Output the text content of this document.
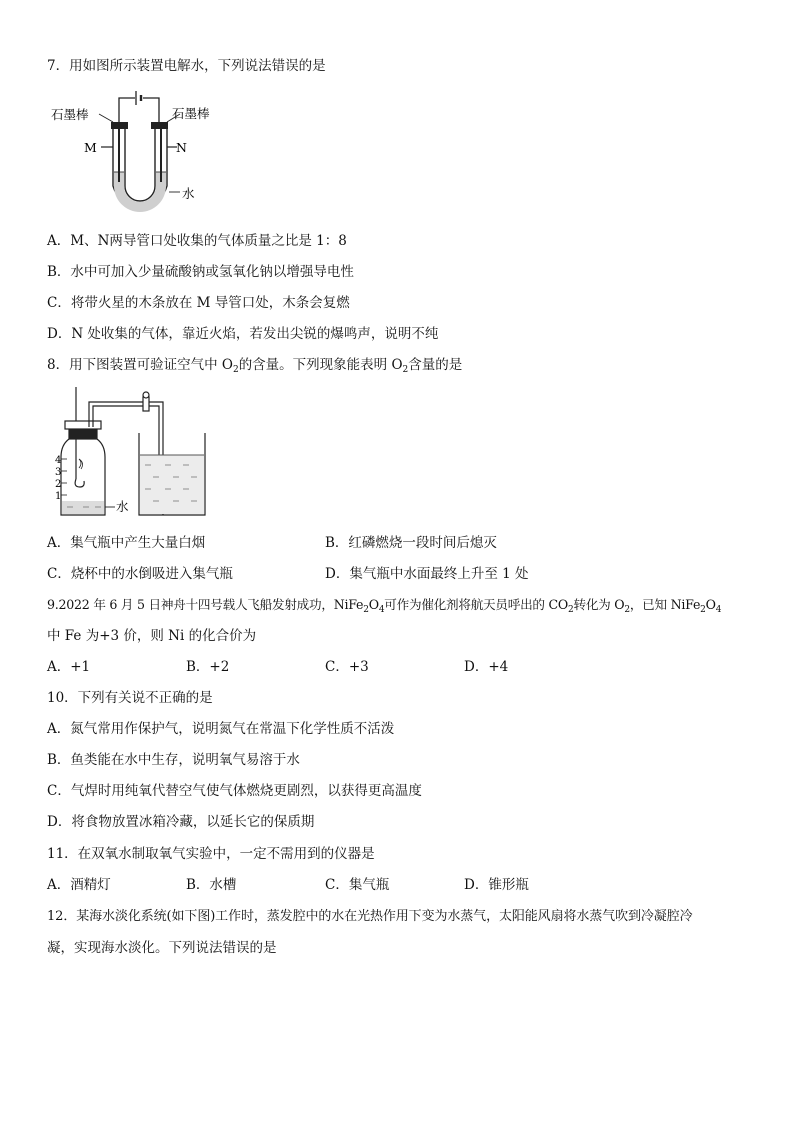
7．用如图所示装置电解水，下列说法错误的是
石墨棒	石墨棒
M	N
水
A．M、N两导管口处收集的气体质量之比是 1：8
B．水中可加入少量硫酸钠或氢氧化钠以增强导电性
C．将带火星的木条放在 M 导管口处，木条会复燃
D．N 处收集的气体，靠近火焰，若发出尖锐的爆鸣声，说明不纯
8．用下图装置可验证空气中 $O_2$的含量。下列现象能表明 $O_2$含量的是
4
3
2
1
水
A．集气瓶中产生大量白烟	B．红磷燃烧一段时间后熄灭
C．烧杯中的水倒吸进入集气瓶	D．集气瓶中水面最终上升至 1 处
9.2022 年 6 月 5 日神舟十四号载人飞船发射成功，$NiFe_2O_4$可作为催化剂将航天员呼出的 $CO_2$转化为 $O_2$，已知 $NiFe_2O_4$
中 Fe 为+3 价，则 Ni 的化合价为
A．+1	B．+2	C．+3	D．+4
10．下列有关说不正确的是
A．氮气常用作保护气，说明氮气在常温下化学性质不活泼
B．鱼类能在水中生存，说明氧气易溶于水
C．气焊时用纯氧代替空气使气体燃烧更剧烈，以获得更高温度
D．将食物放置冰箱冷藏，以延长它的保质期
11．在双氧水制取氧气实验中，一定不需用到的仪器是
A．酒精灯	B．水槽	C．集气瓶	D．锥形瓶
12．某海水淡化系统(如下图)工作时，蒸发腔中的水在光热作用下变为水蒸气，太阳能风扇将水蒸气吹到冷凝腔冷
凝，实现海水淡化。下列说法错误的是
